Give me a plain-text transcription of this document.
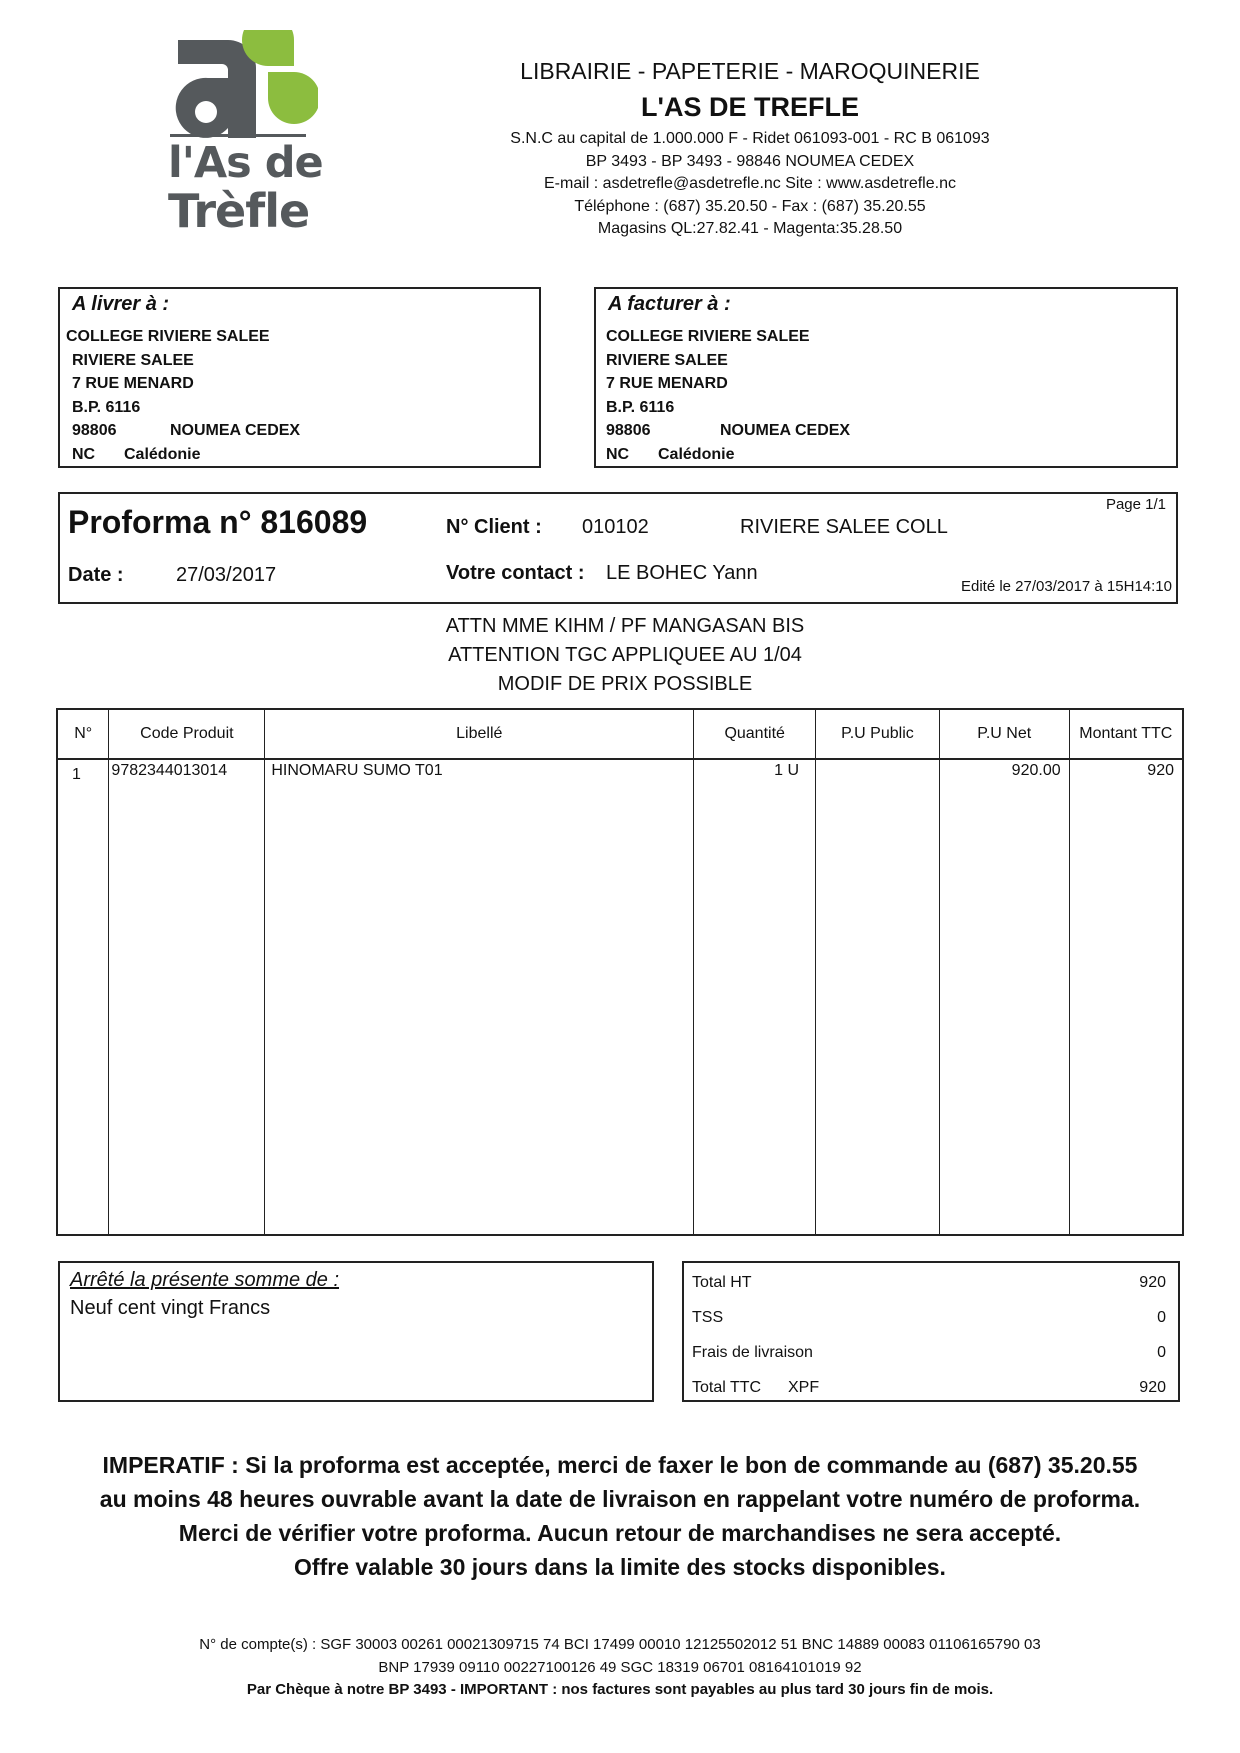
l'As de
Trèfle
LIBRAIRIE - PAPETERIE - MAROQUINERIE
L'AS DE TREFLE
S.N.C au capital de 1.000.000 F - Ridet 061093-001 - RC B 061093
BP 3493 - BP 3493 - 98846 NOUMEA CEDEX
E-mail : asdetrefle@asdetrefle.nc Site : www.asdetrefle.nc
Téléphone : (687) 35.20.50 - Fax : (687) 35.20.55
Magasins QL:27.82.41 - Magenta:35.28.50
A livrer à :
COLLEGE RIVIERE SALEE
RIVIERE SALEE
7 RUE MENARD
B.P. 6116
98806	NOUMEA CEDEX
NC Calédonie
A facturer à :
COLLEGE RIVIERE SALEE
RIVIERE SALEE
7 RUE MENARD
B.P. 6116
98806	NOUMEA CEDEX
NC Calédonie
Proforma n° 816089	Page 1/1
N° Client : 010102	RIVIERE SALEE COLL
Date :	27/03/2017	Votre contact : LE BOHEC Yann
Edité le 27/03/2017 à 15H14:10
ATTN MME KIHM / PF MANGASAN BIS
ATTENTION TGC APPLIQUEE AU 1/04
MODIF DE PRIX POSSIBLE
N°	Code Produit	Libellé	Quantité	P.U Public	P.U Net	Montant TTC
1	9782344013014	HINOMARU SUMO T01	1 U		920.00	920

Arrêté la présente somme de :
Neuf cent vingt Francs
Total HT	920
TSS	0
Frais de livraison	0
Total TTC XPF	920
IMPERATIF : Si la proforma est acceptée, merci de faxer le bon de commande au (687) 35.20.55
au moins 48 heures ouvrable avant la date de livraison en rappelant votre numéro de proforma.
Merci de vérifier votre proforma. Aucun retour de marchandises ne sera accepté.
Offre valable 30 jours dans la limite des stocks disponibles.
N° de compte(s) : SGF 30003 00261 00021309715 74 BCI 17499 00010 12125502012 51 BNC 14889 00083 01106165790 03
BNP 17939 09110 00227100126 49 SGC 18319 06701 08164101019 92
Par Chèque à notre BP 3493 - IMPORTANT : nos factures sont payables au plus tard 30 jours fin de mois.
